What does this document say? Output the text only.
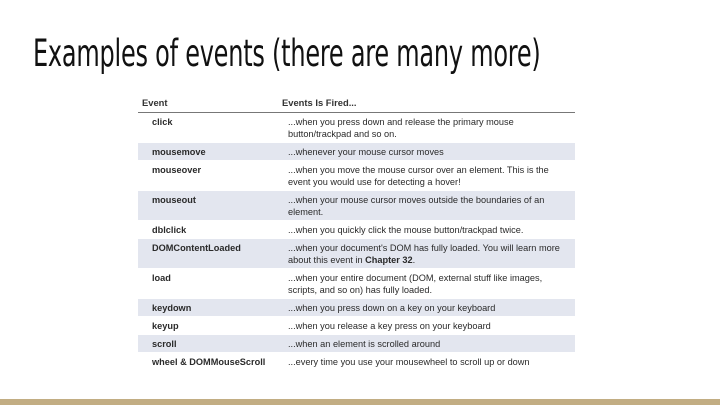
Examples of events (there are many more)
Event	Events Is Fired...
click	...when you press down and release the primary mouse button/trackpad and so on.
mousemove	...whenever your mouse cursor moves
mouseover	...when you move the mouse cursor over an element. This is the event you would use for detecting a hover!
mouseout	...when your mouse cursor moves outside the boundaries of an element.
dblclick	...when you quickly click the mouse button/trackpad twice.
DOMContentLoaded	...when your document's DOM has fully loaded. You will learn more about this event in Chapter 32.
load	...when your entire document (DOM, external stuff like images, scripts, and so on) has fully loaded.
keydown	...when you press down on a key on your keyboard
keyup	...when you release a key press on your keyboard
scroll	...when an element is scrolled around
wheel & DOMMouseScroll	...every time you use your mousewheel to scroll up or down
